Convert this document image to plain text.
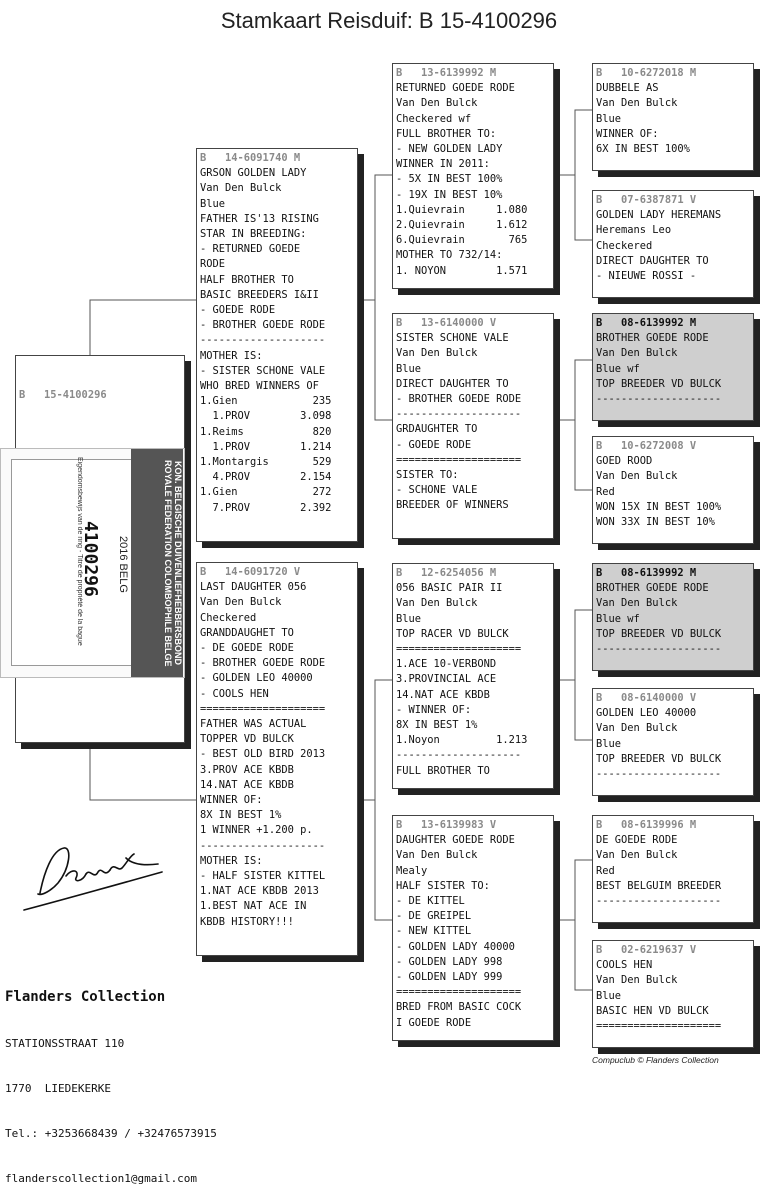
Stamkaart Reisduif: B 15-4100296

B   15-4100296

4100296	2016 BELG	KON. BELGISCHE DUIVENLIEFHEBBERSBOND ROYALE FEDERATION COLOMBOPHILE BELGE
Eigendomsbewijs van de ring - Titre de propriété de la bague
B   14-6091740 M
GRSON GOLDEN LADY
Van Den Bulck
Blue
FATHER IS'13 RISING
STAR IN BREEDING:
- RETURNED GOEDE
RODE
HALF BROTHER TO
BASIC BREEDERS I&II
- GOEDE RODE
- BROTHER GOEDE RODE
--------------------
MOTHER IS:
- SISTER SCHONE VALE
WHO BRED WINNERS OF
1.Gien            235
1.PROV        3.098
1.Reims           820
1.PROV        1.214
1.Montargis       529
4.PROV        2.154
1.Gien            272
7.PROV        2.392
B   14-6091720 V
LAST DAUGHTER 056
Van Den Bulck
Checkered
GRANDDAUGHET TO
- DE GOEDE RODE
- BROTHER GOEDE RODE
- GOLDEN LEO 40000
- COOLS HEN
====================
FATHER WAS ACTUAL
TOPPER VD BULCK
- BEST OLD BIRD 2013
3.PROV ACE KBDB
14.NAT ACE KBDB
WINNER OF:
8X IN BEST 1%
1 WINNER +1.200 p.
--------------------
MOTHER IS:
- HALF SISTER KITTEL
1.NAT ACE KBDB 2013
1.BEST NAT ACE IN
KBDB HISTORY!!!
B   13-6139992 M
RETURNED GOEDE RODE
Van Den Bulck
Checkered wf
FULL BROTHER TO:
- NEW GOLDEN LADY
WINNER IN 2011:
- 5X IN BEST 100%
- 19X IN BEST 10%
1.Quievrain     1.080
2.Quievrain     1.612
6.Quievrain       765
MOTHER TO 732/14:
1. NOYON        1.571
B   13-6140000 V
SISTER SCHONE VALE
Van Den Bulck
Blue
DIRECT DAUGHTER TO
- BROTHER GOEDE RODE
--------------------
GRDAUGHTER TO
- GOEDE RODE
====================
SISTER TO:
- SCHONE VALE
BREEDER OF WINNERS
B   12-6254056 M
056 BASIC PAIR II
Van Den Bulck
Blue
TOP RACER VD BULCK
====================
1.ACE 10-VERBOND
3.PROVINCIAL ACE
14.NAT ACE KBDB
- WINNER OF:
8X IN BEST 1%
1.Noyon         1.213
--------------------
FULL BROTHER TO
B   13-6139983 V
DAUGHTER GOEDE RODE
Van Den Bulck
Mealy
HALF SISTER TO:
- DE KITTEL
- DE GREIPEL
- NEW KITTEL
- GOLDEN LADY 40000
- GOLDEN LADY 998
- GOLDEN LADY 999
====================
BRED FROM BASIC COCK
I GOEDE RODE
B   10-6272018 M
DUBBELE AS
Van Den Bulck
Blue
WINNER OF:
6X IN BEST 100%
B   07-6387871 V
GOLDEN LADY HEREMANS
Heremans Leo
Checkered
DIRECT DAUGHTER TO
- NIEUWE ROSSI -
B   08-6139992 M
BROTHER GOEDE RODE
Van Den Bulck
Blue wf
TOP BREEDER VD BULCK
--------------------
B   10-6272008 V
GOED ROOD
Van Den Bulck
Red
WON 15X IN BEST 100%
WON 33X IN BEST 10%
B   08-6139992 M
BROTHER GOEDE RODE
Van Den Bulck
Blue wf
TOP BREEDER VD BULCK
--------------------
B   08-6140000 V
GOLDEN LEO 40000
Van Den Bulck
Blue
TOP BREEDER VD BULCK
--------------------
B   08-6139996 M
DE GOEDE RODE
Van Den Bulck
Red
BEST BELGUIM BREEDER
--------------------
B   02-6219637 V
COOLS HEN
Van Den Bulck
Blue
BASIC HEN VD BULCK
====================

Flanders Collection

STATIONSSTRAAT 110

1770  LIEDEKERKE

Tel.: +3253668439 / +32476573915

flanderscollection1@gmail.com

Compuclub © Flanders Collection
